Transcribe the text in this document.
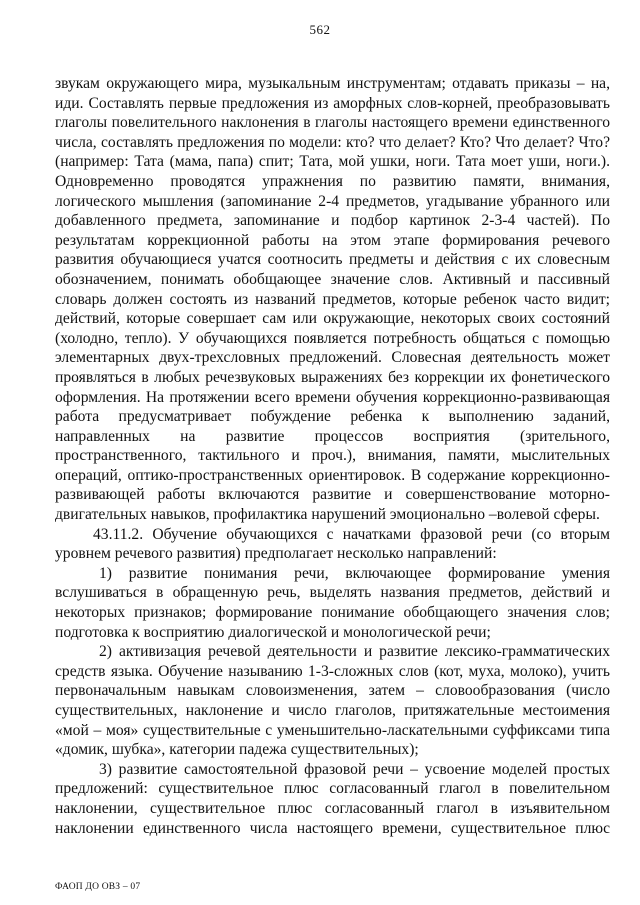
562

звукам окружающего мира, музыкальным инструментам; отдавать приказы – на, иди. Составлять первые предложения из аморфных слов-корней, преобразовывать глаголы повелительного наклонения в глаголы настоящего времени единственного числа, составлять предложения по модели: кто? что делает? Кто? Что делает? Что? (например: Тата (мама, папа) спит; Тата, мой ушки, ноги. Тата моет уши, ноги.). Одновременно проводятся упражнения по развитию памяти, внимания, логического мышления (запоминание 2-4 предметов, угадывание убранного или добавленного предмета, запоминание и подбор картинок 2-3-4 частей). По результатам коррекционной работы на этом этапе формирования речевого развития обучающиеся учатся соотносить предметы и действия с их словесным обозначением, понимать обобщающее значение слов. Активный и пассивный словарь должен состоять из названий предметов, которые ребенок часто видит; действий, которые совершает сам или окружающие, некоторых своих состояний (холодно, тепло). У обучающихся появляется потребность общаться с помощью элементарных двух-трехсловных предложений. Словесная деятельность может проявляться в любых речезвуковых выражениях без коррекции их фонетического оформления. На протяжении всего времени обучения коррекционно-развивающая работа предусматривает побуждение ребенка к выполнению заданий, направленных на развитие процессов восприятия (зрительного, пространственного, тактильного и проч.), внимания, памяти, мыслительных операций, оптико-пространственных ориентировок. В содержание коррекционно-развивающей работы включаются развитие и совершенствование моторно-двигательных навыков, профилактика нарушений эмоционально –волевой сферы.

43.11.2. Обучение обучающихся с начатками фразовой речи (со вторым уровнем речевого развития) предполагает несколько направлений:

1) развитие понимания речи, включающее формирование умения вслушиваться в обращенную речь, выделять названия предметов, действий и некоторых признаков; формирование понимание обобщающего значения слов; подготовка к восприятию диалогической и монологической речи;

2) активизация речевой деятельности и развитие лексико-грамматических средств языка. Обучение называнию 1-3-сложных слов (кот, муха, молоко), учить первоначальным навыкам словоизменения, затем – словообразования (число существительных, наклонение и число глаголов, притяжательные местоимения «мой – моя» существительные с уменьшительно-ласкательными суффиксами типа «домик, шубка», категории падежа существительных);

3) развитие самостоятельной фразовой речи – усвоение моделей простых предложений: существительное плюс согласованный глагол в повелительном наклонении, существительное плюс согласованный глагол в изъявительном наклонении единственного числа настоящего времени, существительное плюс

ФАОП ДО ОВЗ – 07
